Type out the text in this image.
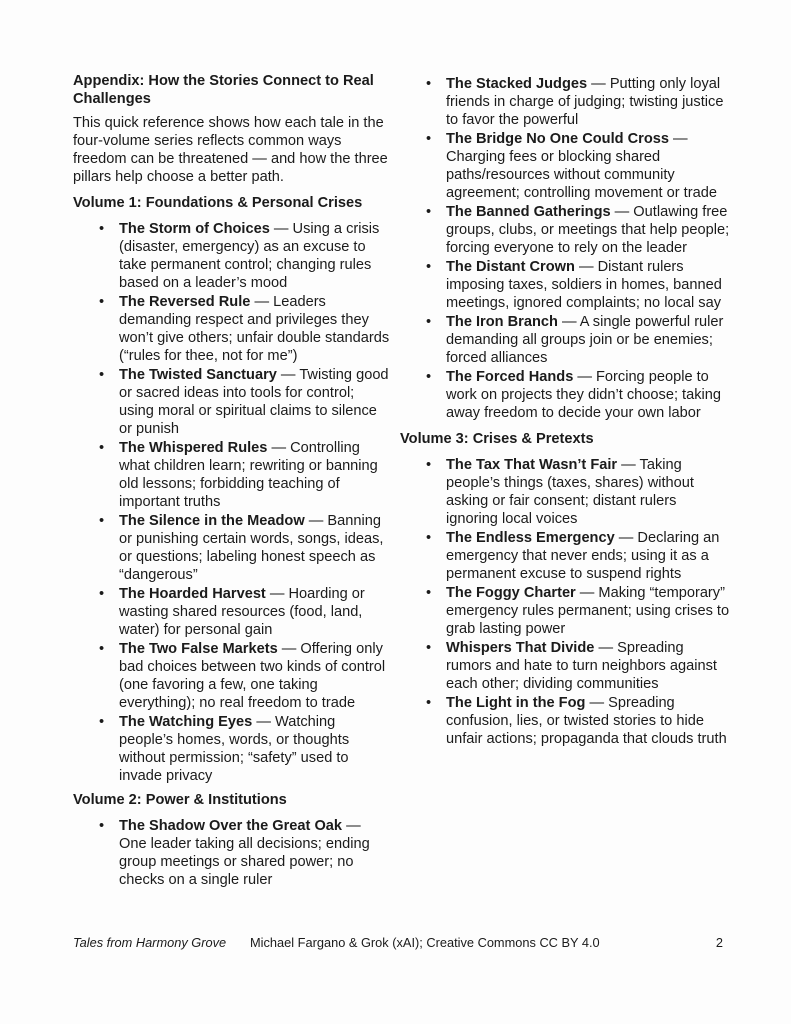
Appendix: How the Stories Connect to Real Challenges

This quick reference shows how each tale in the four-volume series reflects common ways freedom can be threatened — and how the three pillars help choose a better path.

Volume 1: Foundations & Personal Crises
• The Storm of Choices — Using a crisis (disaster, emergency) as an excuse to take permanent control; changing rules based on a leader’s mood
• The Reversed Rule — Leaders demanding respect and privileges they won’t give others; unfair double standards (“rules for thee, not for me”)
• The Twisted Sanctuary — Twisting good or sacred ideas into tools for control; using moral or spiritual claims to silence or punish
• The Whispered Rules — Controlling what children learn; rewriting or banning old lessons; forbidding teaching of important truths
• The Silence in the Meadow — Banning or punishing certain words, songs, ideas, or questions; labeling honest speech as “dangerous”
• The Hoarded Harvest — Hoarding or wasting shared resources (food, land, water) for personal gain
• The Two False Markets — Offering only bad choices between two kinds of control (one favoring a few, one taking everything); no real freedom to trade
• The Watching Eyes — Watching people’s homes, words, or thoughts without permission; “safety” used to invade privacy
Volume 2: Power & Institutions
• The Shadow Over the Great Oak — One leader taking all decisions; ending group meetings or shared power; no checks on a single ruler
• The Stacked Judges — Putting only loyal friends in charge of judging; twisting justice to favor the powerful
• The Bridge No One Could Cross — Charging fees or blocking shared paths/resources without community agreement; controlling movement or trade
• The Banned Gatherings — Outlawing free groups, clubs, or meetings that help people; forcing everyone to rely on the leader
• The Distant Crown — Distant rulers imposing taxes, soldiers in homes, banned meetings, ignored complaints; no local say
• The Iron Branch — A single powerful ruler demanding all groups join or be enemies; forced alliances
• The Forced Hands — Forcing people to work on projects they didn’t choose; taking away freedom to decide your own labor
Volume 3: Crises & Pretexts
• The Tax That Wasn’t Fair — Taking people’s things (taxes, shares) without asking or fair consent; distant rulers ignoring local voices
• The Endless Emergency — Declaring an emergency that never ends; using it as a permanent excuse to suspend rights
• The Foggy Charter — Making “temporary” emergency rules permanent; using crises to grab lasting power
• Whispers That Divide — Spreading rumors and hate to turn neighbors against each other; dividing communities
• The Light in the Fog — Spreading confusion, lies, or twisted stories to hide unfair actions; propaganda that clouds truth
Tales from Harmony Grove Michael Fargano & Grok (xAI); Creative Commons CC BY 4.0	2
